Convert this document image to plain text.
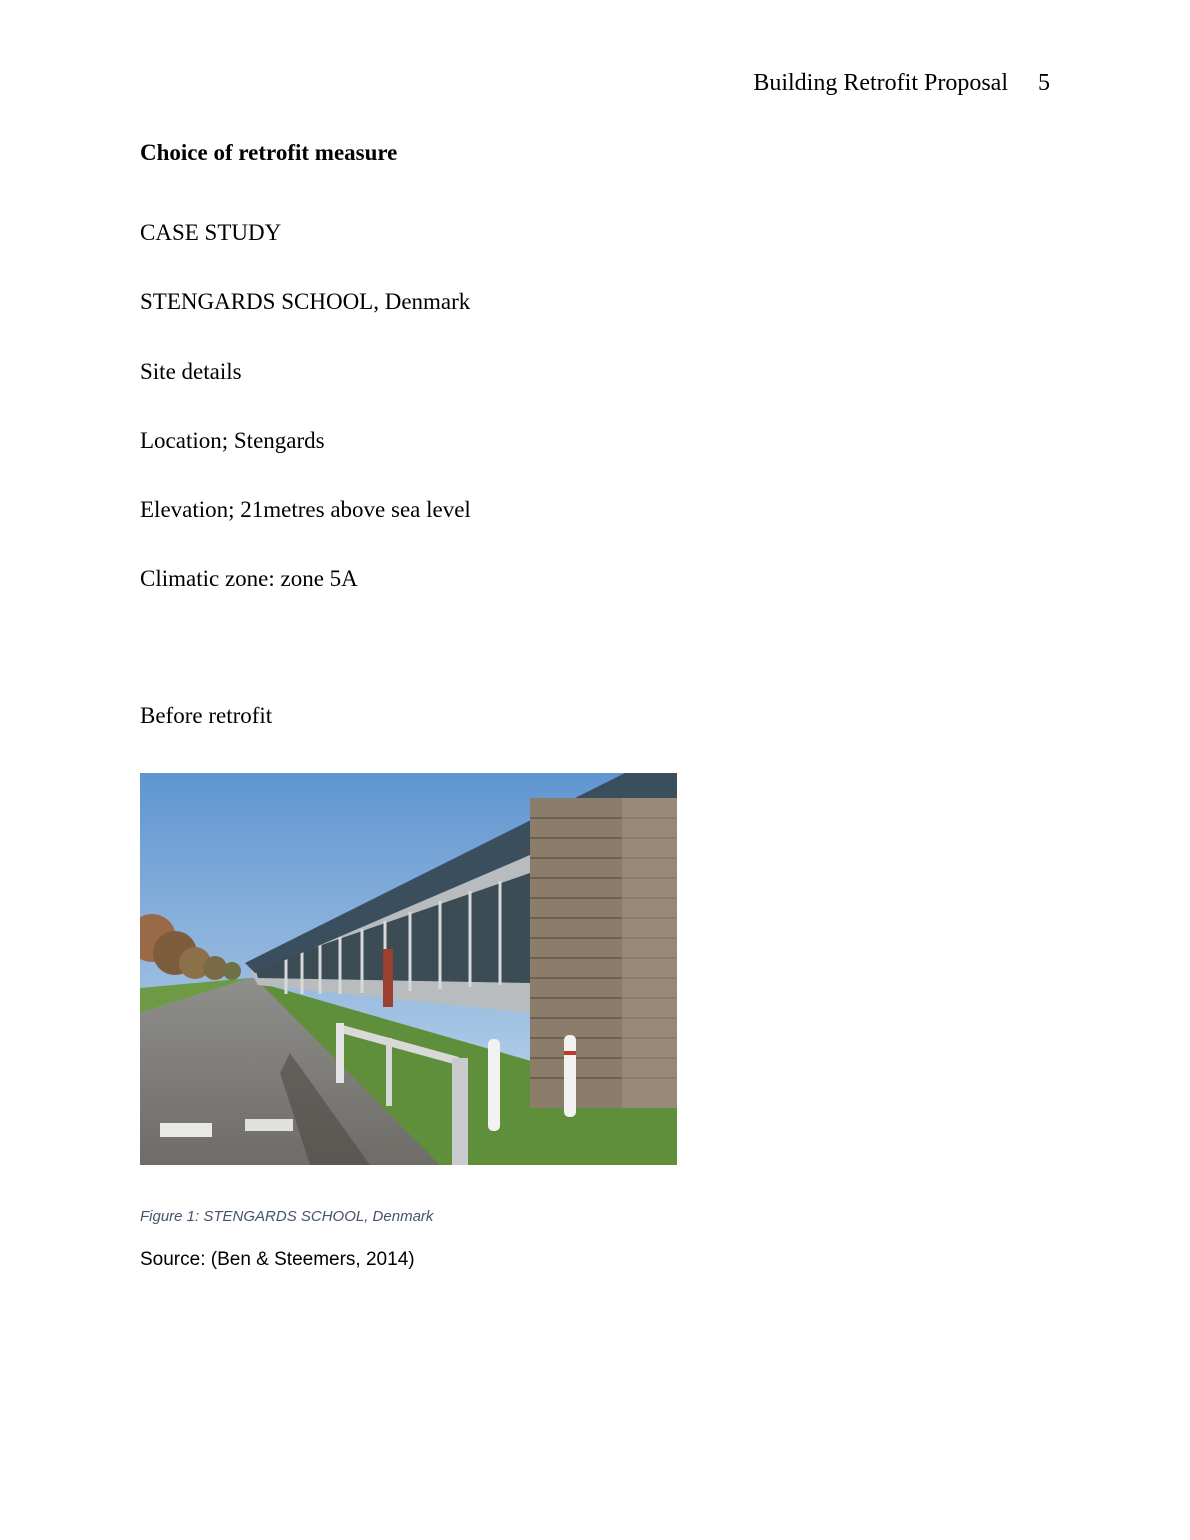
Building Retrofit Proposal 5
Choice of retrofit measure
CASE STUDY
STENGARDS SCHOOL, Denmark
Site details
Location; Stengards
Elevation; 21metres above sea level
Climatic zone: zone 5A
Before retrofit
Figure 1: STENGARDS SCHOOL, Denmark
Source: (Ben & Steemers, 2014)
